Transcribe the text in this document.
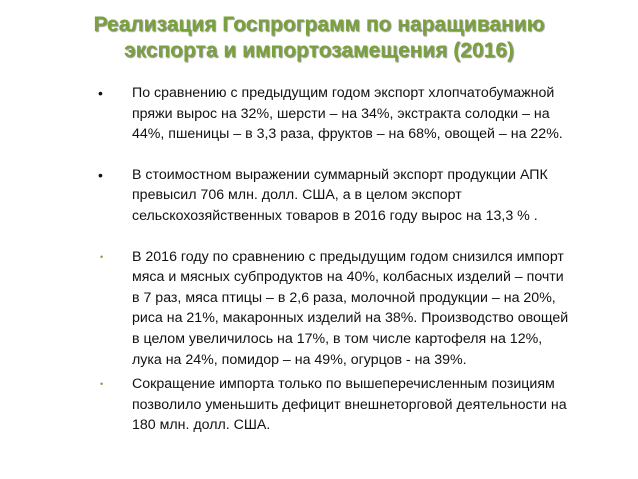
Реализация Госпрограмм по наращиванию
экспорта и импортозамещения (2016)
•	По сравнению с предыдущим годом экспорт хлопчатобумажной
пряжи вырос на 32%, шерсти – на 34%, экстракта солодки – на
44%, пшеницы – в 3,3 раза, фруктов – на 68%, овощей – на 22%.
•	В стоимостном выражении суммарный экспорт продукции АПК
превысил 706 млн. долл. США, а в целом экспорт
сельскохозяйственных товаров в 2016 году вырос на 13,3 % .
•	В 2016 году по сравнению с предыдущим годом снизился импорт
мяса и мясных субпродуктов на 40%, колбасных изделий – почти
в 7 раз, мяса птицы – в 2,6 раза, молочной продукции – на 20%,
риса на 21%, макаронных изделий на 38%. Производство овощей
в целом увеличилось на 17%, в том числе картофеля на 12%,
лука на 24%, помидор – на 49%, огурцов - на 39%.
•	Сокращение импорта только по вышеперечисленным позициям
позволило уменьшить дефицит внешнеторговой деятельности на
180 млн. долл. США.
